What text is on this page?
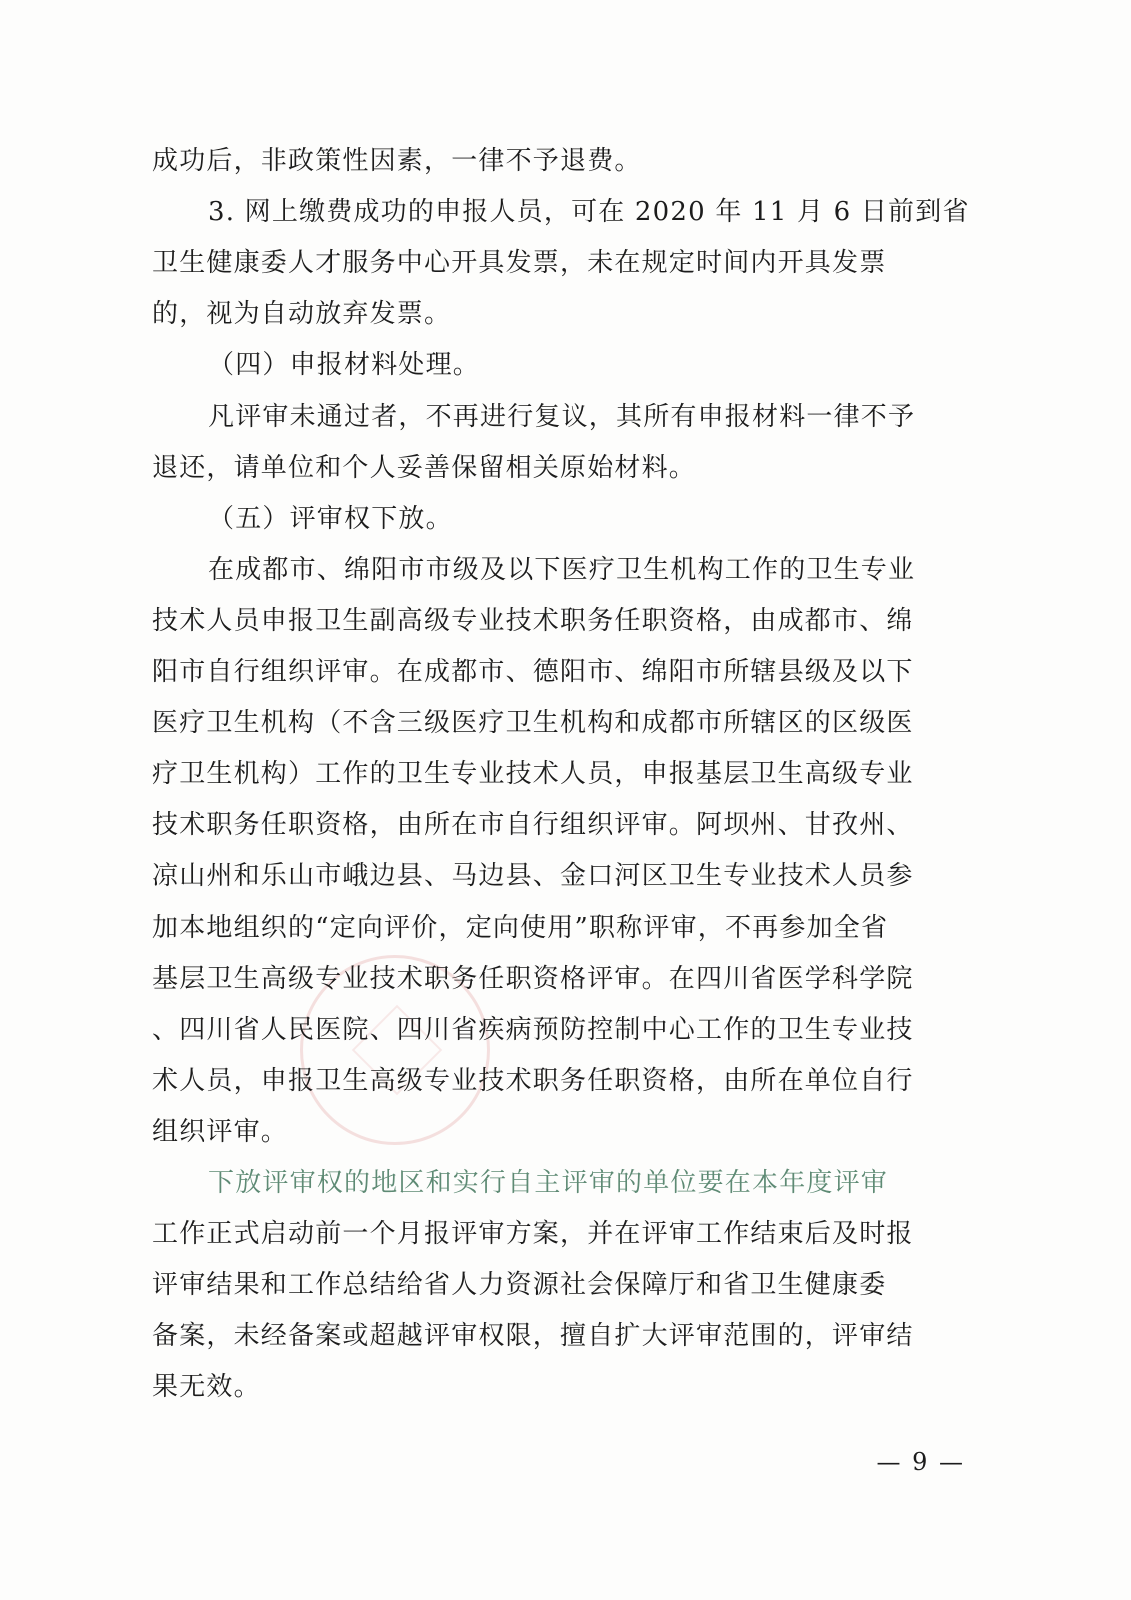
成功后，非政策性因素，一律不予退费。
3. 网上缴费成功的申报人员，可在 2020 年 11 月 6 日前到省
卫生健康委人才服务中心开具发票，未在规定时间内开具发票
的，视为自动放弃发票。
（四）申报材料处理。
凡评审未通过者，不再进行复议，其所有申报材料一律不予
退还，请单位和个人妥善保留相关原始材料。
（五）评审权下放。
在成都市、绵阳市市级及以下医疗卫生机构工作的卫生专业
技术人员申报卫生副高级专业技术职务任职资格，由成都市、绵
阳市自行组织评审。在成都市、德阳市、绵阳市所辖县级及以下
医疗卫生机构（不含三级医疗卫生机构和成都市所辖区的区级医
疗卫生机构）工作的卫生专业技术人员，申报基层卫生高级专业
技术职务任职资格，由所在市自行组织评审。阿坝州、甘孜州、
凉山州和乐山市峨边县、马边县、金口河区卫生专业技术人员参
加本地组织的“定向评价，定向使用”职称评审，不再参加全省
基层卫生高级专业技术职务任职资格评审。在四川省医学科学院
、四川省人民医院、四川省疾病预防控制中心工作的卫生专业技
术人员，申报卫生高级专业技术职务任职资格，由所在单位自行
组织评审。
下放评审权的地区和实行自主评审的单位要在本年度评审
工作正式启动前一个月报评审方案，并在评审工作结束后及时报
评审结果和工作总结给省人力资源社会保障厅和省卫生健康委
备案，未经备案或超越评审权限，擅自扩大评审范围的，评审结
果无效。
— 9 —
